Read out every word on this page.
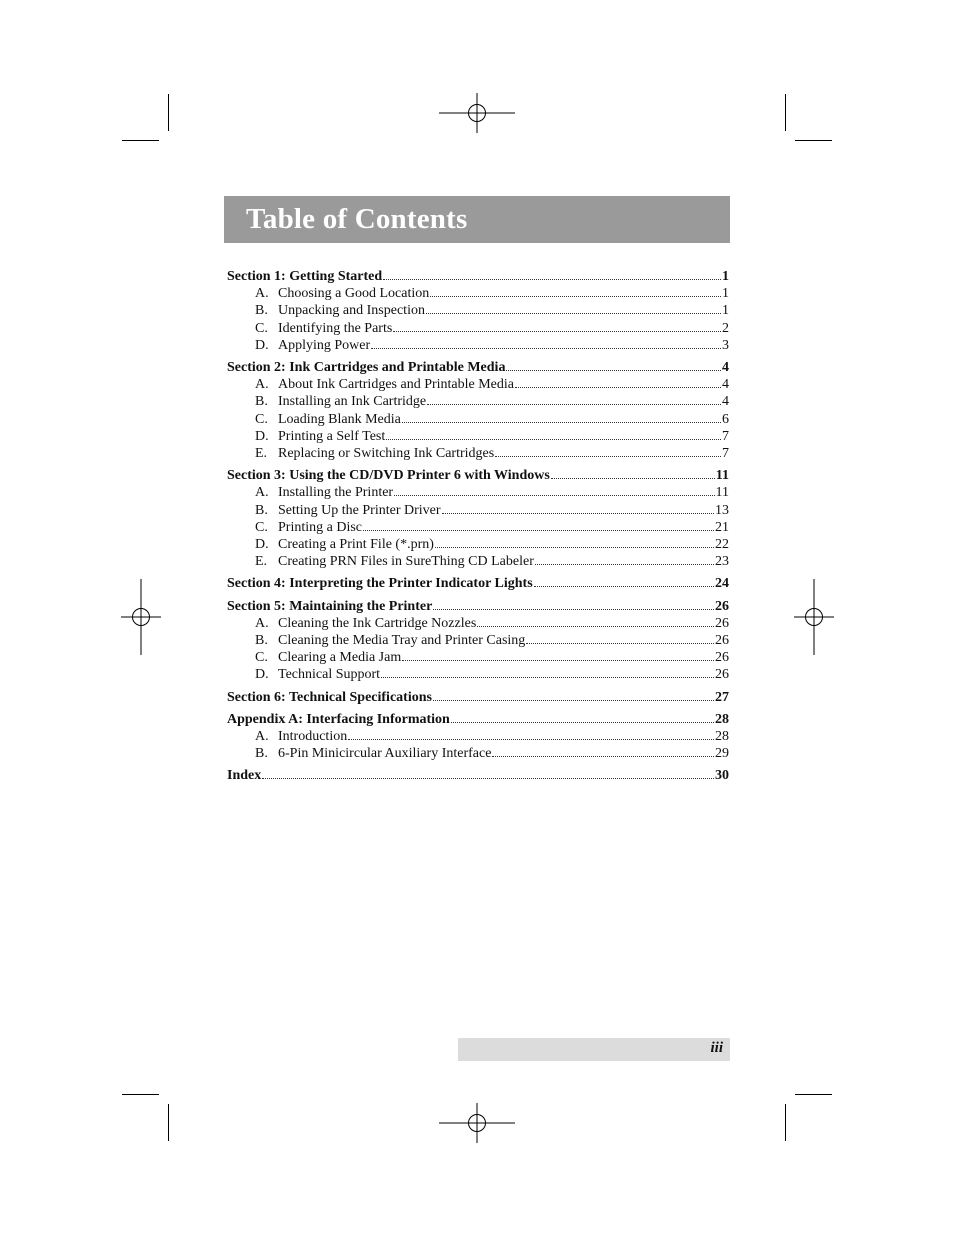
Table of Contents
Section 1: Getting Started	1
A. Choosing a Good Location	1
B. Unpacking and Inspection	1
C. Identifying the Parts	2
D. Applying Power	3
Section 2: Ink Cartridges and Printable Media	4
A. About Ink Cartridges and Printable Media	4
B. Installing an Ink Cartridge	4
C. Loading Blank Media	6
D. Printing a Self Test	7
E. Replacing or Switching Ink Cartridges	7
Section 3: Using the CD/DVD Printer 6 with Windows	11
A. Installing the Printer	11
B. Setting Up the Printer Driver	13
C. Printing a Disc	21
D. Creating a Print File (*.prn)	22
E. Creating PRN Files in SureThing CD Labeler	23
Section 4: Interpreting the Printer Indicator Lights	24
Section 5: Maintaining the Printer	26
A. Cleaning the Ink Cartridge Nozzles	26
B. Cleaning the Media Tray and Printer Casing	26
C. Clearing a Media Jam	26
D. Technical Support	26
Section 6: Technical Specifications	27
Appendix A: Interfacing Information	28
A. Introduction	28
B. 6-Pin Minicircular Auxiliary Interface	29
Index	30
iii
